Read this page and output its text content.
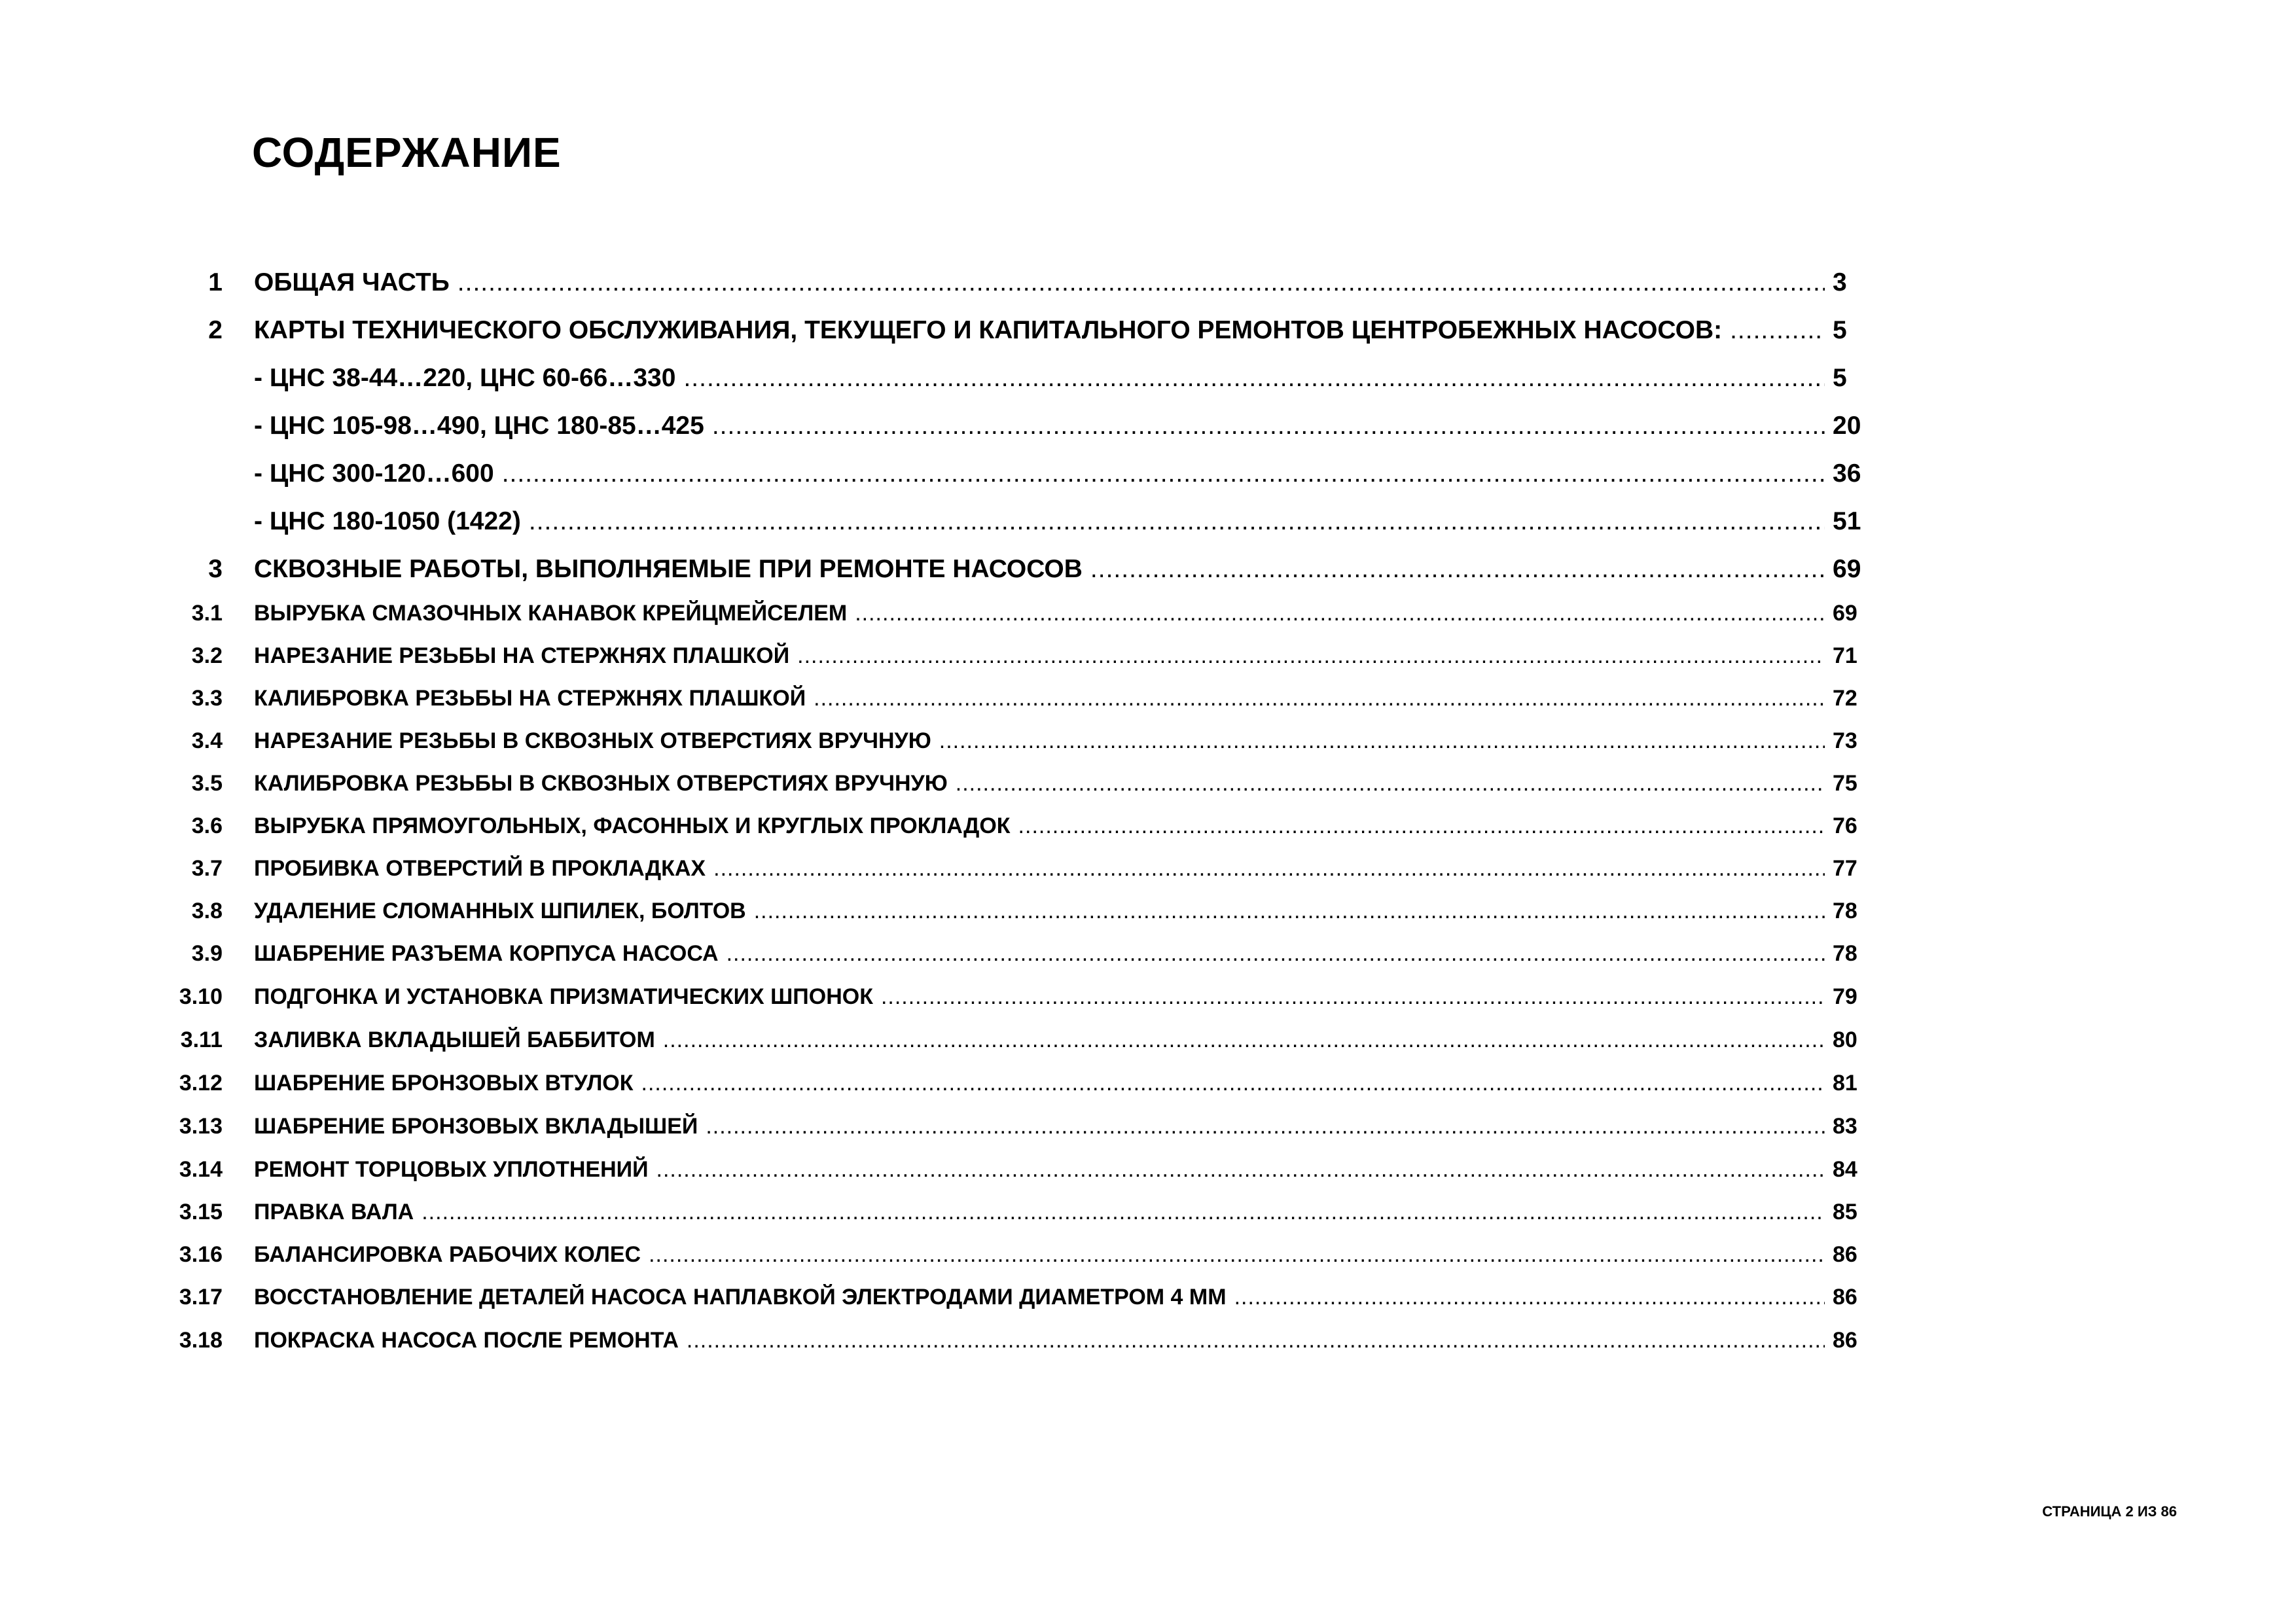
СОДЕРЖАНИЕ
1 ОБЩАЯ ЧАСТЬ .....	3
2 КАРТЫ ТЕХНИЧЕСКОГО ОБСЛУЖИВАНИЯ, ТЕКУЩЕГО И КАПИТАЛЬНОГО РЕМОНТОВ ЦЕНТРОБЕЖНЫХ НАСОСОВ: .....	5
- ЦНС 38-44…220, ЦНС 60-66…330 .....	5
- ЦНС 105-98…490, ЦНС 180-85…425 .....	20
- ЦНС 300-120…600 .....	36
- ЦНС 180-1050 (1422) .....	51
3 СКВОЗНЫЕ РАБОТЫ, ВЫПОЛНЯЕМЫЕ ПРИ РЕМОНТЕ НАСОСОВ .....	69
3.1 ВЫРУБКА СМАЗОЧНЫХ КАНАВОК КРЕЙЦМЕЙСЕЛЕМ .....	69
3.2 НАРЕЗАНИЕ РЕЗЬБЫ НА СТЕРЖНЯХ ПЛАШКОЙ .....	71
3.3 КАЛИБРОВКА РЕЗЬБЫ НА СТЕРЖНЯХ ПЛАШКОЙ .....	72
3.4 НАРЕЗАНИЕ РЕЗЬБЫ В СКВОЗНЫХ ОТВЕРСТИЯХ ВРУЧНУЮ .....	73
3.5 КАЛИБРОВКА РЕЗЬБЫ В СКВОЗНЫХ ОТВЕРСТИЯХ ВРУЧНУЮ .....	75
3.6 ВЫРУБКА ПРЯМОУГОЛЬНЫХ, ФАСОННЫХ И КРУГЛЫХ ПРОКЛАДОК .....	76
3.7 ПРОБИВКА ОТВЕРСТИЙ В ПРОКЛАДКАХ .....	77
3.8 УДАЛЕНИЕ СЛОМАННЫХ ШПИЛЕК, БОЛТОВ .....	78
3.9 ШАБРЕНИЕ РАЗЪЕМА КОРПУСА НАСОСА .....	78
3.10 ПОДГОНКА И УСТАНОВКА ПРИЗМАТИЧЕСКИХ ШПОНОК .....	79
3.11 ЗАЛИВКА ВКЛАДЫШЕЙ БАББИТОМ .....	80
3.12 ШАБРЕНИЕ БРОНЗОВЫХ ВТУЛОК .....	81
3.13 ШАБРЕНИЕ БРОНЗОВЫХ ВКЛАДЫШЕЙ .....	83
3.14 РЕМОНТ ТОРЦОВЫХ УПЛОТНЕНИЙ .....	84
3.15 ПРАВКА ВАЛА .....	85
3.16 БАЛАНСИРОВКА РАБОЧИХ КОЛЕС .....	86
3.17 ВОССТАНОВЛЕНИЕ ДЕТАЛЕЙ НАСОСА НАПЛАВКОЙ ЭЛЕКТРОДАМИ ДИАМЕТРОМ 4 ММ .....	86
3.18 ПОКРАСКА НАСОСА ПОСЛЕ РЕМОНТА .....	86
СТРАНИЦА 2 ИЗ 86
